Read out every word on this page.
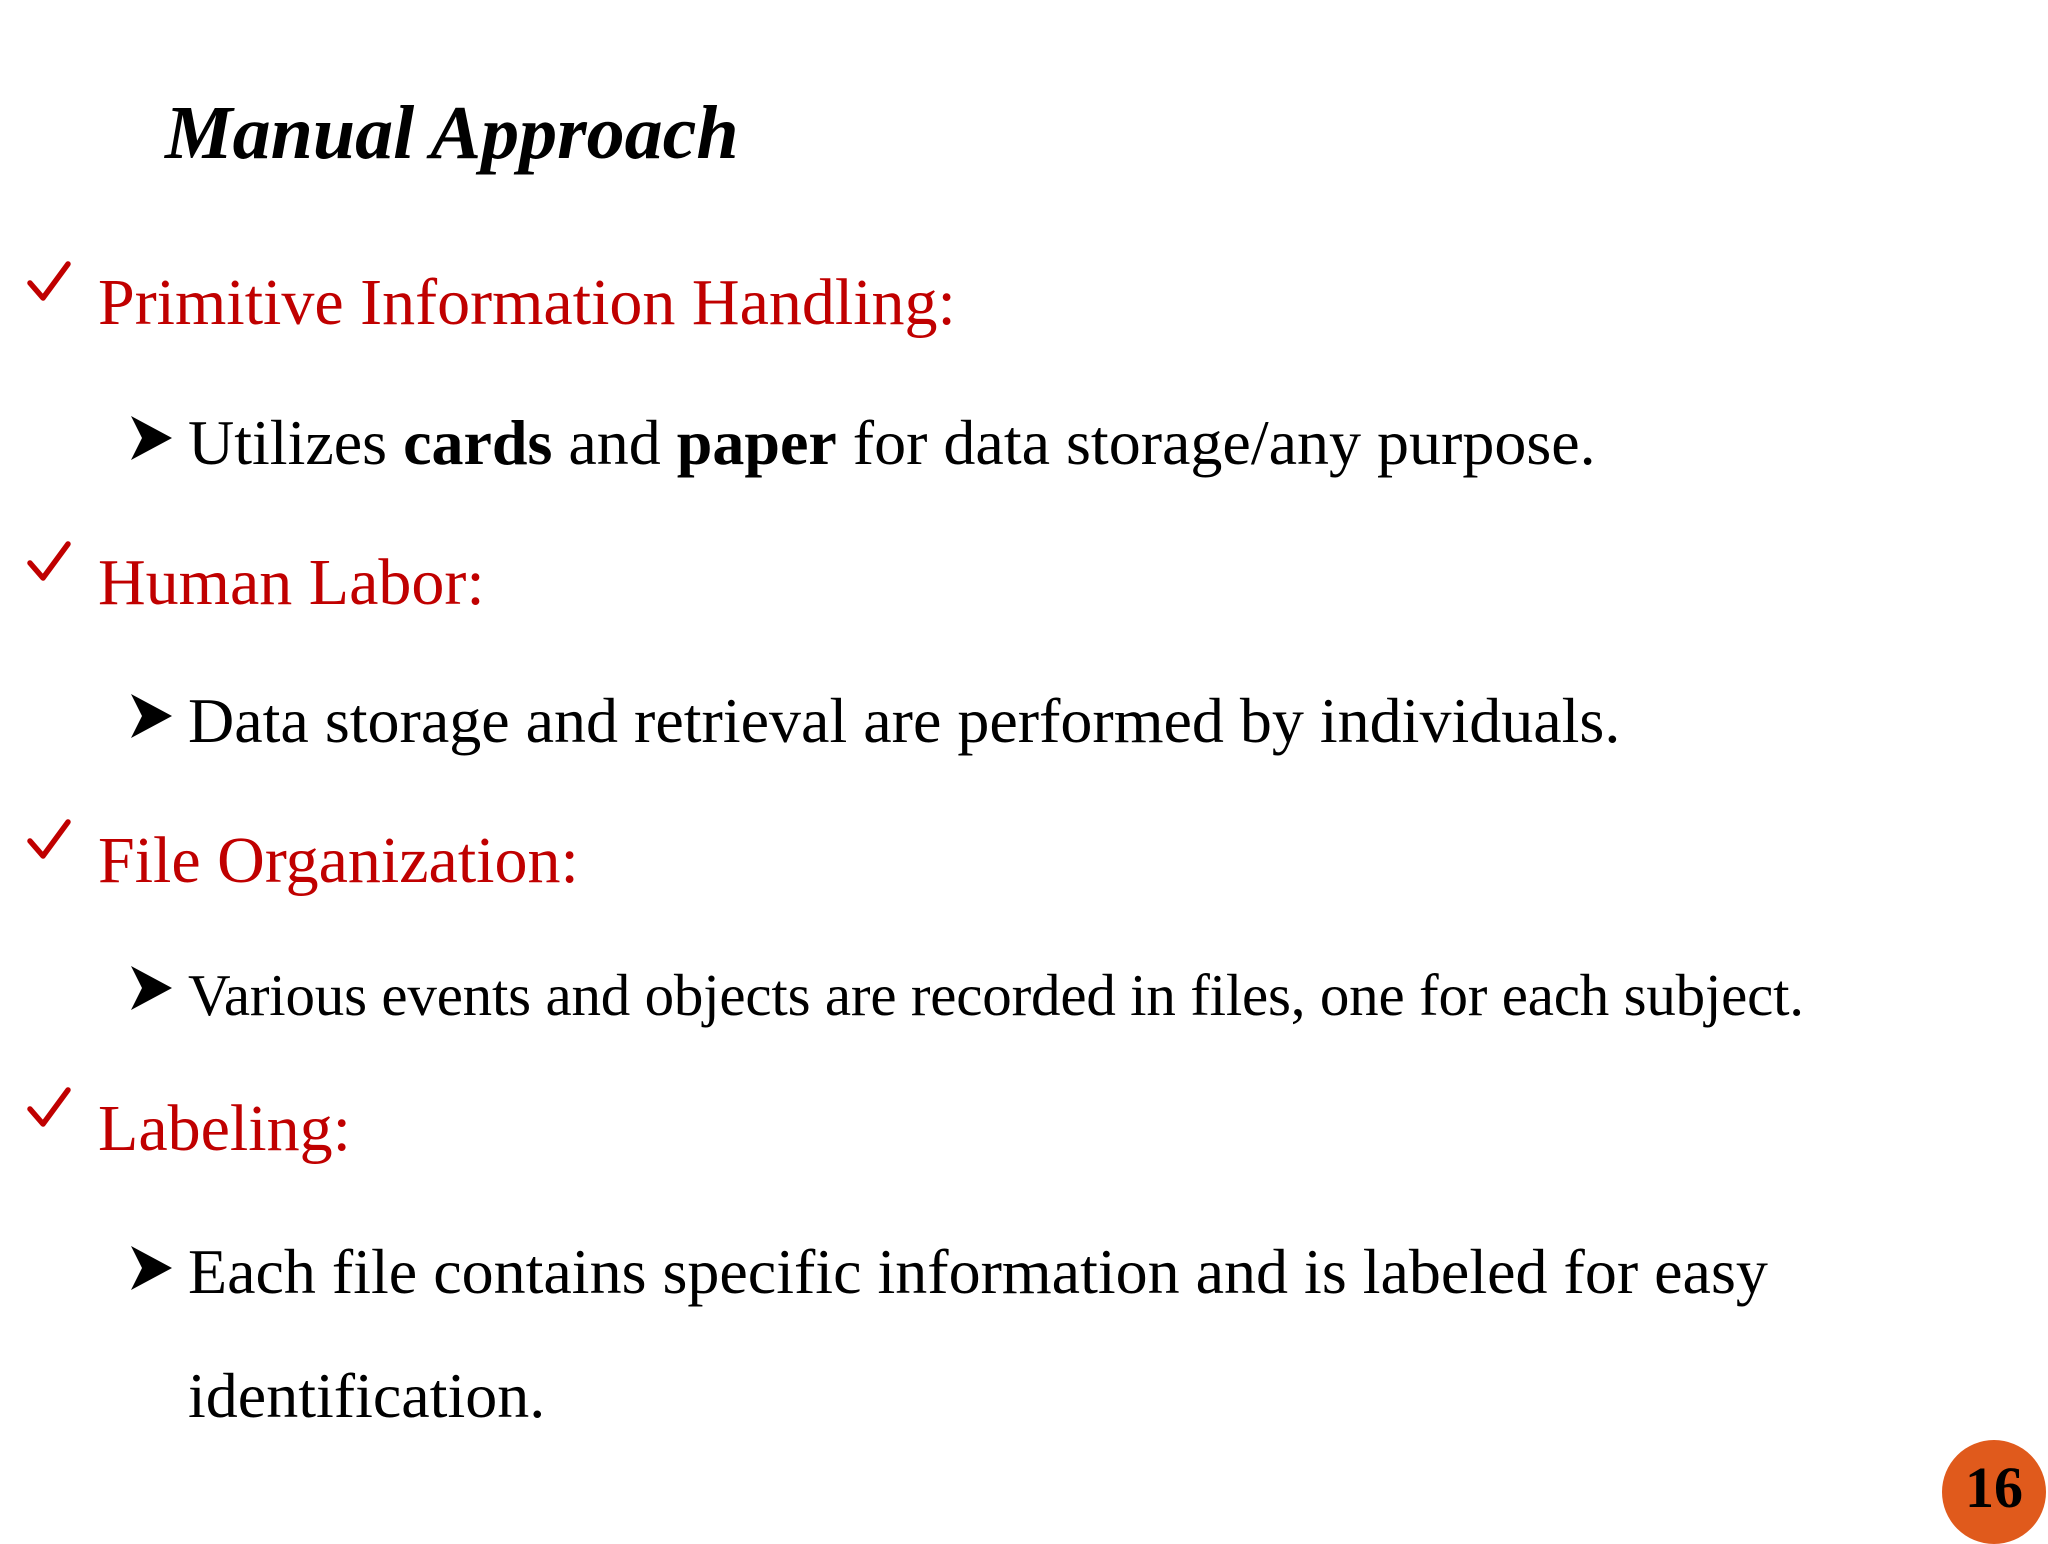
Manual Approach
Primitive Information Handling:
Utilizes cards and paper for data storage/any purpose.
Human Labor:
Data storage and retrieval are performed by individuals.
File Organization:
Various events and objects are recorded in files, one for each subject.
Labeling:
Each file contains specific information and is labeled for easy identification.
16
